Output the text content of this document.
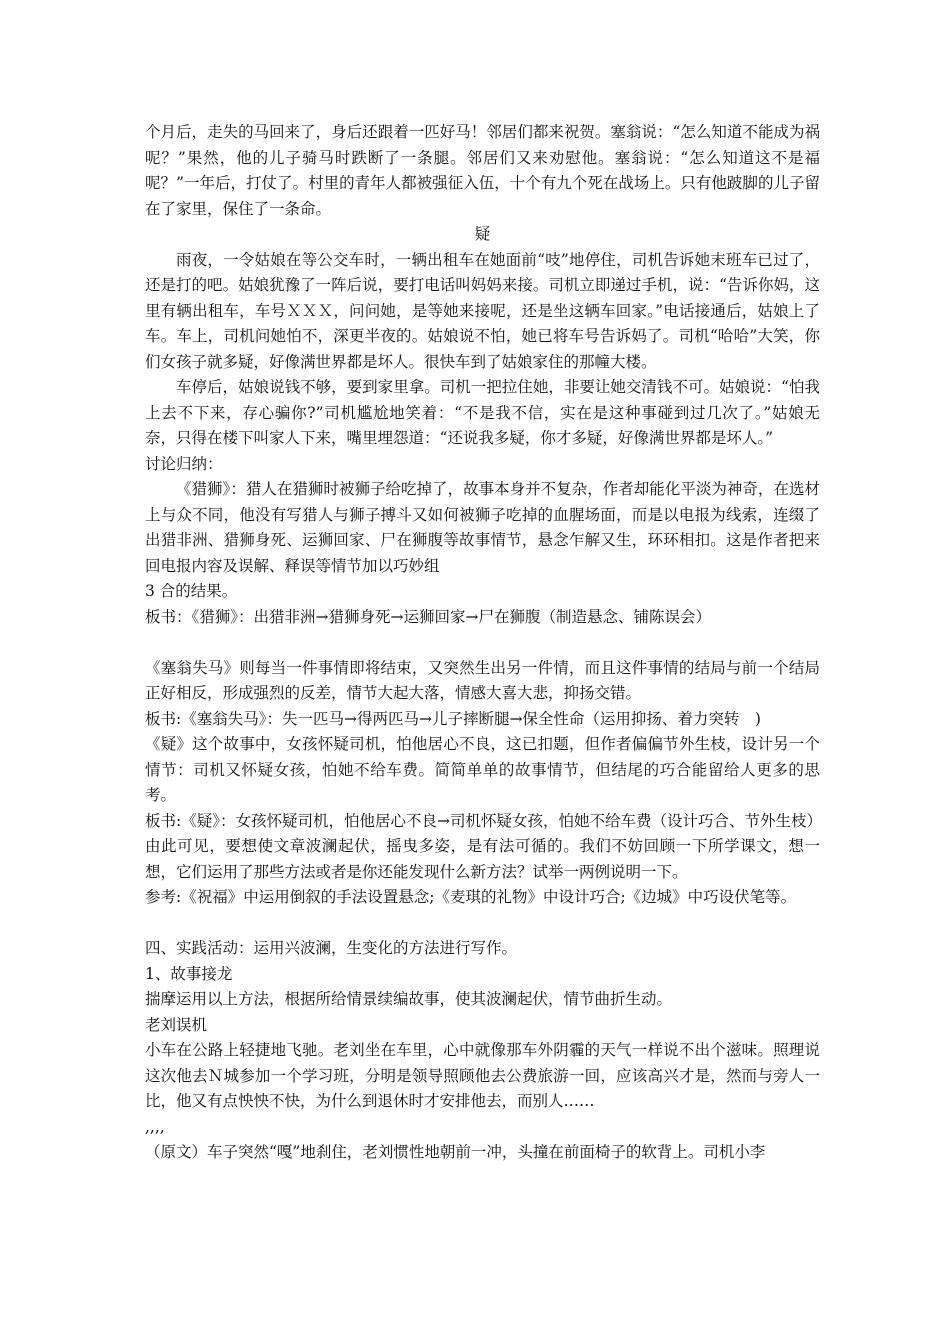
个月后，走失的马回来了，身后还跟着一匹好马！邻居们都来祝贺。塞翁说：“怎么知道不能成为祸呢？”果然，他的儿子骑马时跌断了一条腿。邻居们又来劝慰他。塞翁说：“怎么知道这不是福呢？”一年后，打仗了。村里的青年人都被强征入伍，十个有九个死在战场上。只有他跛脚的儿子留在了家里，保住了一条命。

疑

雨夜，一令姑娘在等公交车时，一辆出租车在她面前“吱”地停住，司机告诉她末班车已过了，还是打的吧。姑娘犹豫了一阵后说，要打电话叫妈妈来接。司机立即递过手机，说：“告诉你妈，这里有辆出租车，车号ＸＸＸ，问问她，是等她来接呢，还是坐这辆车回家。”电话接通后，姑娘上了车。车上，司机问她怕不，深更半夜的。姑娘说不怕，她已将车号告诉妈了。司机“哈哈”大笑，你们女孩子就多疑，好像满世界都是坏人。很快车到了姑娘家住的那幢大楼。

车停后，姑娘说钱不够，要到家里拿。司机一把拉住她，非要让她交清钱不可。姑娘说：“怕我上去不下来，存心骗你?”司机尴尬地笑着：“不是我不信，实在是这种事碰到过几次了。”姑娘无奈，只得在楼下叫家人下来，嘴里埋怨道：“还说我多疑，你才多疑，好像满世界都是坏人。”

讨论归纳：

《猎狮》：猎人在猎狮时被狮子给吃掉了，故事本身并不复杂，作者却能化平淡为神奇，在选材上与众不同，他没有写猎人与狮子搏斗又如何被狮子吃掉的血腥场面，而是以电报为线索，连缀了出猎非洲、猎狮身死、运狮回家、尸在狮腹等故事情节，悬念乍解又生，环环相扣。这是作者把来回电报内容及误解、释误等情节加以巧妙组

3 合的结果。

板书：《猎狮》：出猎非洲→猎狮身死→运狮回家→尸在狮腹（制造悬念、铺陈误会）

《塞翁失马》则每当一件事情即将结束，又突然生出另一件情，而且这件事情的结局与前一个结局正好相反，形成强烈的反差，情节大起大落，情感大喜大悲，抑扬交错。

板书:《塞翁失马》：失一匹马→得两匹马→儿子摔断腿→保全性命（运用抑扬、着力突转　)

《疑》这个故事中，女孩怀疑司机，怕他居心不良，这已扣题，但作者偏偏节外生枝，设计另一个情节：司机又怀疑女孩，怕她不给车费。简简单单的故事情节，但结尾的巧合能留给人更多的思考。

板书:《疑》：女孩怀疑司机，怕他居心不良→司机怀疑女孩，怕她不给车费（设计巧合、节外生枝）

由此可见，要想使文章波澜起伏，摇曳多姿，是有法可循的。我们不妨回顾一下所学课文，想一想，它们运用了那些方法或者是你还能发现什么新方法？试举一两例说明一下。

参考:《祝福》中运用倒叙的手法设置悬念;《麦琪的礼物》中设计巧合;《边城》中巧设伏笔等。

四、实践活动：运用兴波澜，生变化的方法进行写作。

1、故事接龙

揣摩运用以上方法，根据所给情景续编故事，使其波澜起伏，情节曲折生动。

老刘误机

小车在公路上轻捷地飞驰。老刘坐在车里，心中就像那车外阴霾的天气一样说不出个滋味。照理说这次他去Ｎ城参加一个学习班，分明是领导照顾他去公费旅游一回，应该高兴才是，然而与旁人一比，他又有点怏怏不快，为什么到退休时才安排他去，而别人……

,,,,

（原文）车子突然“嘎”地刹住，老刘惯性地朝前一冲，头撞在前面椅子的软背上。司机小李
